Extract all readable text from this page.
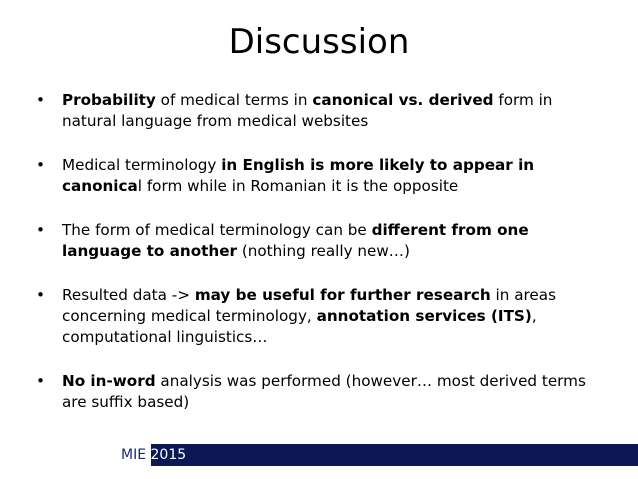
Discussion
• Probability of medical terms in canonical vs. derived form in natural language from medical websites
• Medical terminology in English is more likely to appear in canonical form while in Romanian it is the opposite
• The form of medical terminology can be different from one language to another (nothing really new…)
• Resulted data -> may be useful for further research in areas concerning medical terminology, annotation services (ITS), computational linguistics…
• No in-word analysis was performed (however… most derived terms are suffix based)
MIE 2015
